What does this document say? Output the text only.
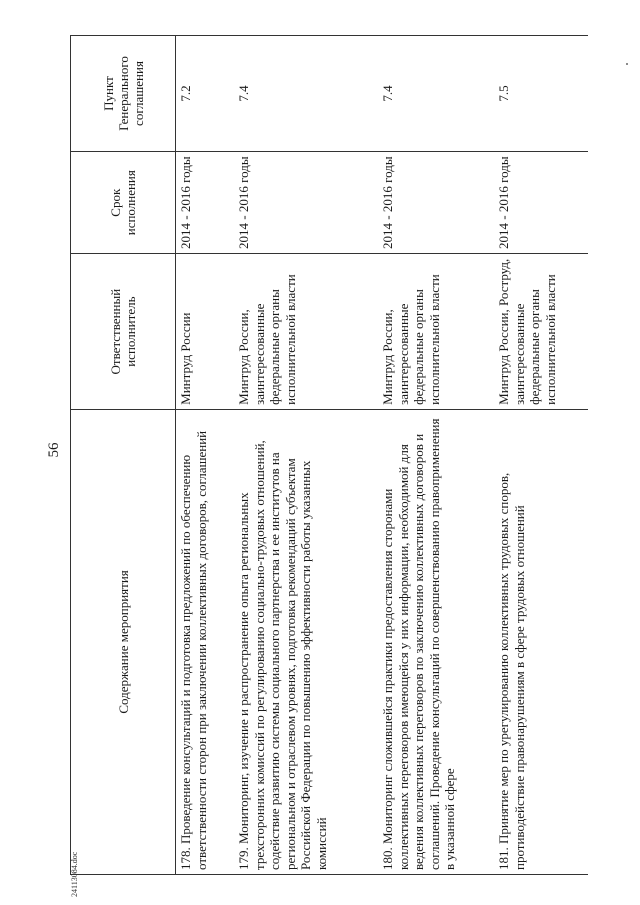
56
Содержание мероприятия	Ответственный исполнитель	Срок исполнения	Пункт Генерального соглашения
178. Проведение консультаций и подготовка предложений по обеспечению ответственности сторон при заключении коллективных договоров, соглашений	Минтруд России	2014 - 2016 годы	7.2
179. Мониторинг, изучение и распространение опыта региональных трехсторонних комиссий по регулированию социально-трудовых отношений, содействие развитию системы социального партнерства и ее институтов на региональном и отраслевом уровнях, подготовка рекомендаций субъектам Российской Федерации по повышению эффективности работы указанных комиссий	Минтруд России, заинтересованные федеральные органы исполнительной власти	2014 - 2016 годы	7.4
180. Мониторинг сложившейся практики предоставления сторонами коллективных переговоров имеющейся у них информации, необходимой для ведения коллективных переговоров по заключению коллективных договоров и соглашений. Проведение консультаций по совершенствованию правоприменения в указанной сфере	Минтруд России, заинтересованные федеральные органы исполнительной власти	2014 - 2016 годы	7.4
181. Принятие мер по урегулированию коллективных трудовых споров, противодействие правонарушениям в сфере трудовых отношений	Минтруд России, Роструд, заинтересованные федеральные органы исполнительной власти	2014 - 2016 годы	7.5
24113084.doc
